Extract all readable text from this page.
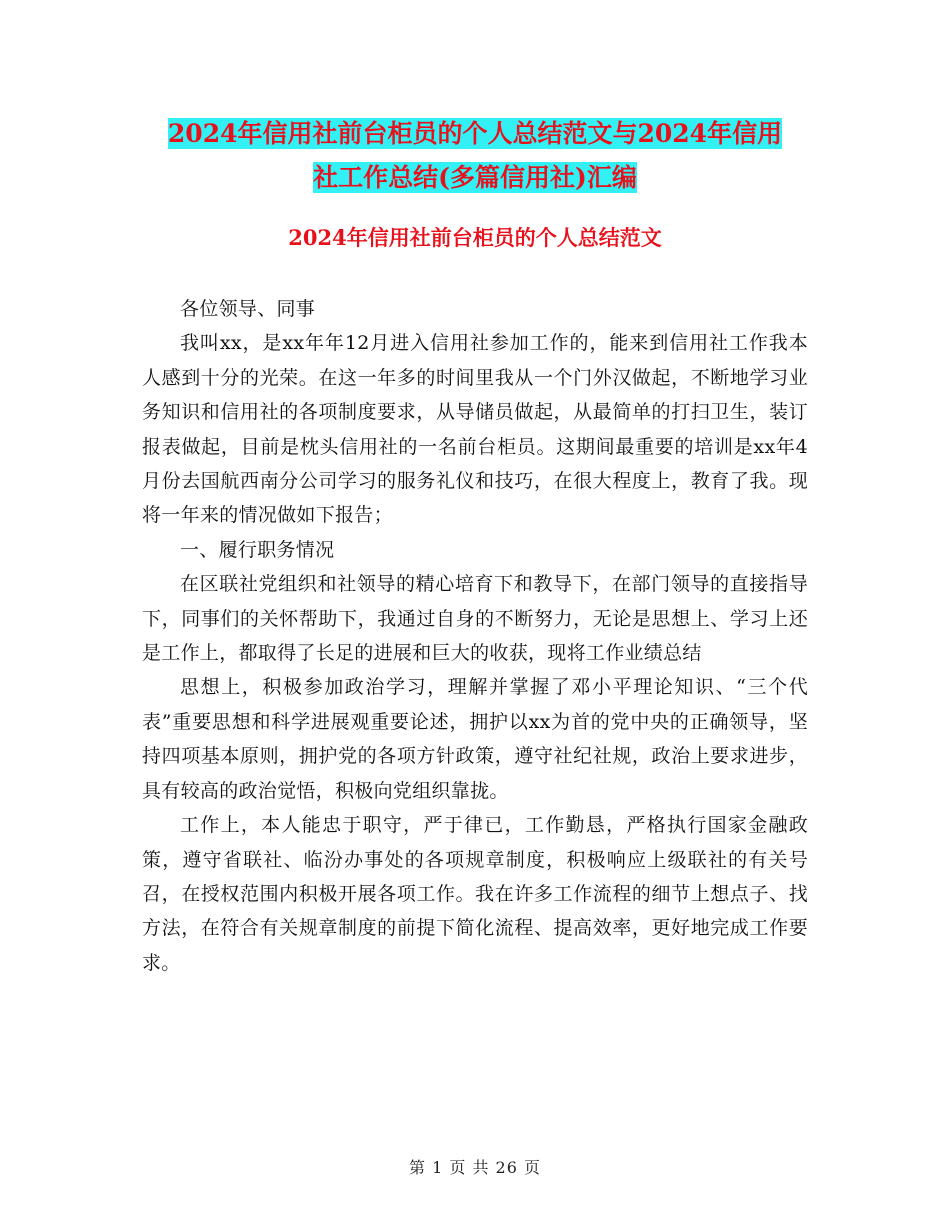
2024年信用社前台柜员的个人总结范文与2024年信用
社工作总结(多篇信用社)汇编
2024年信用社前台柜员的个人总结范文

各位领导、同事

我叫xx，是xx年年12月进入信用社参加工作的，能来到信用社工作我本人感到十分的光荣。在这一年多的时间里我从一个门外汉做起，不断地学习业务知识和信用社的各项制度要求，从导储员做起，从最简单的打扫卫生，装订报表做起，目前是枕头信用社的一名前台柜员。这期间最重要的培训是xx年4月份去国航西南分公司学习的服务礼仪和技巧，在很大程度上，教育了我。现将一年来的情况做如下报告；

一、履行职务情况

在区联社党组织和社领导的精心培育下和教导下，在部门领导的直接指导下，同事们的关怀帮助下，我通过自身的不断努力，无论是思想上、学习上还是工作上，都取得了长足的进展和巨大的收获，现将工作业绩总结

思想上，积极参加政治学习，理解并掌握了邓小平理论知识、“三个代表”重要思想和科学进展观重要论述，拥护以xx为首的党中央的正确领导，坚持四项基本原则，拥护党的各项方针政策，遵守社纪社规，政治上要求进步，具有较高的政治觉悟，积极向党组织靠拢。

工作上，本人能忠于职守，严于律已，工作勤恳，严格执行国家金融政策，遵守省联社、临汾办事处的各项规章制度，积极响应上级联社的有关号召，在授权范围内积极开展各项工作。我在许多工作流程的细节上想点子、找方法，在符合有关规章制度的前提下简化流程、提高效率，更好地完成工作要求。

第 1 页 共 26 页
